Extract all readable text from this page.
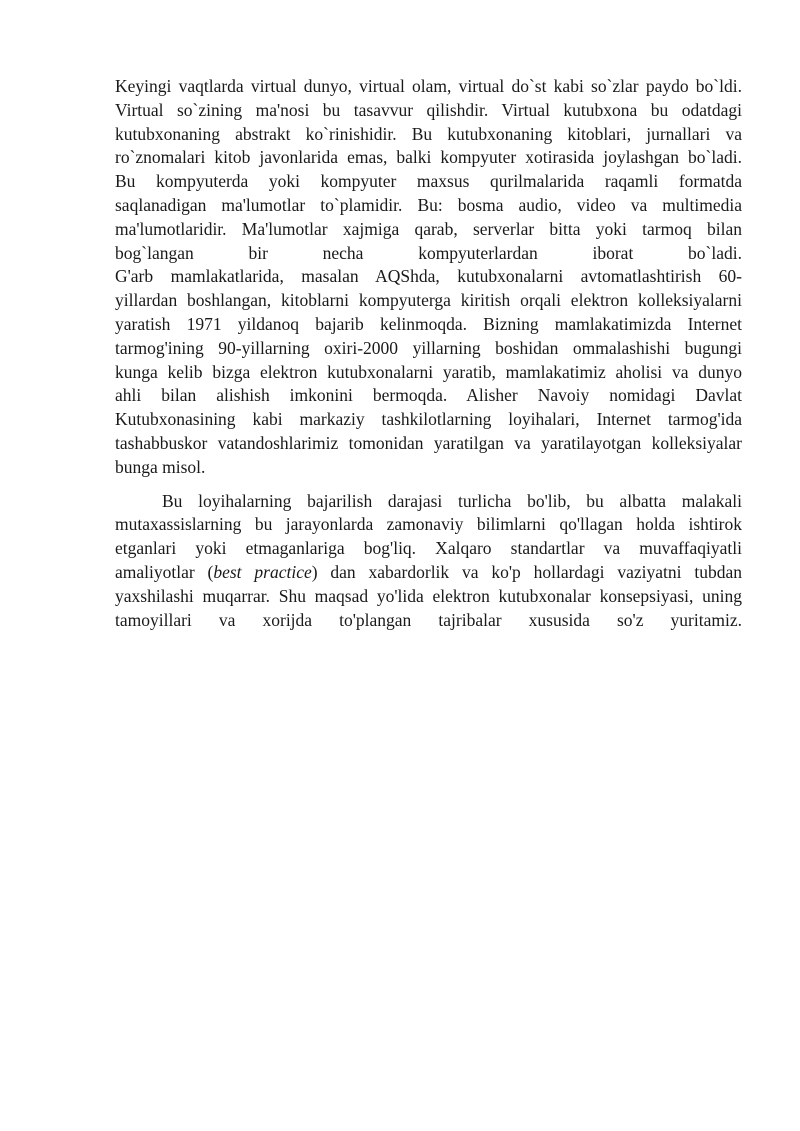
Keyingi vaqtlarda virtual dunyo, virtual olam, virtual do`st kabi so`zlar paydo bo`ldi.
Virtual so`zining ma'nosi bu tasavvur qilishdir. Virtual kutubxona bu odatdagi
kutubxonaning abstrakt ko`rinishidir. Bu kutubxonaning kitoblari, jurnallari va
ro`znomalari kitob javonlarida emas, balki kompyuter xotirasida joylashgan bo`ladi.
Bu kompyuterda yoki kompyuter maxsus qurilmalarida raqamli formatda
saqlanadigan ma'lumotlar to`plamidir. Bu: bosma audio, video va multimedia
ma'lumotlaridir. Ma'lumotlar xajmiga qarab, serverlar bitta yoki tarmoq bilan
bog`langan bir necha kompyuterlardan iborat bo`ladi.
G'arb mamlakatlarida, masalan AQShda, kutubxonalarni avtomatlashtirish 60-
yillardan boshlangan, kitoblarni kompyuterga kiritish orqali elektron kolleksiyalarni
yaratish 1971 yildanoq bajarib kelinmoqda. Bizning mamlakatimizda Internet
tarmog'ining 90-yillarning oxiri-2000 yillarning boshidan ommalashishi bugungi
kunga kelib bizga elektron kutubxonalarni yaratib, mamlakatimiz aholisi va dunyo
ahli bilan alishish imkonini bermoqda. Alisher Navoiy nomidagi Davlat
Kutubxonasining kabi markaziy tashkilotlarning loyihalari, Internet tarmog'ida
tashabbuskor vatandoshlarimiz tomonidan yaratilgan va yaratilayotgan kolleksiyalar
bunga misol.

Bu loyihalarning bajarilish darajasi turlicha bo'lib, bu albatta malakali
mutaxassislarning bu jarayonlarda zamonaviy bilimlarni qo'llagan holda ishtirok
etganlari yoki etmaganlariga bog'liq. Xalqaro standartlar va muvaffaqiyatli
amaliyotlar (best practice) dan xabardorlik va ko'p hollardagi vaziyatni tubdan
yaxshilashi muqarrar. Shu maqsad yo'lida elektron kutubxonalar konsepsiyasi, uning
tamoyillari va xorijda to'plangan tajribalar xususida so'z yuritamiz.
